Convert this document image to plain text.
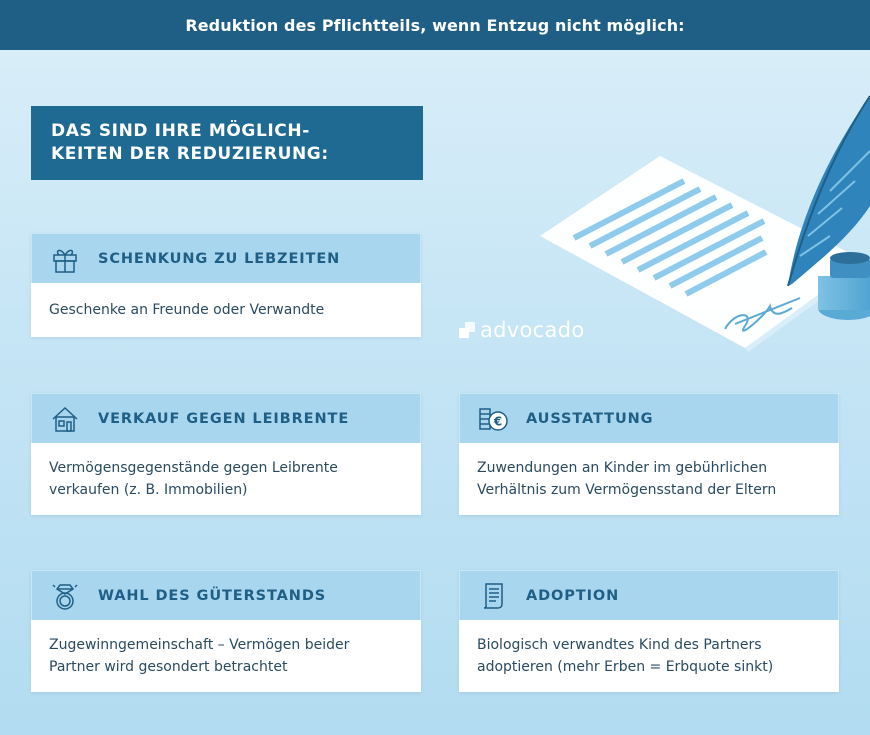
Reduktion des Pflichtteils, wenn Entzug nicht möglich:
DAS SIND IHRE MÖGLICH-
KEITEN DER REDUZIERUNG:
advocado
SCHENKUNG ZU LEBZEITEN
Geschenke an Freunde oder Verwandte
VERKAUF GEGEN LEIBRENTE
Vermögensgegenstände gegen Leibrente
verkaufen (z. B. Immobilien)
€ AUSSTATTUNG
Zuwendungen an Kinder im gebührlichen
Verhältnis zum Vermögensstand der Eltern
WAHL DES GÜTERSTANDS
Zugewinngemeinschaft – Vermögen beider
Partner wird gesondert betrachtet
ADOPTION
Biologisch verwandtes Kind des Partners
adoptieren (mehr Erben = Erbquote sinkt)
